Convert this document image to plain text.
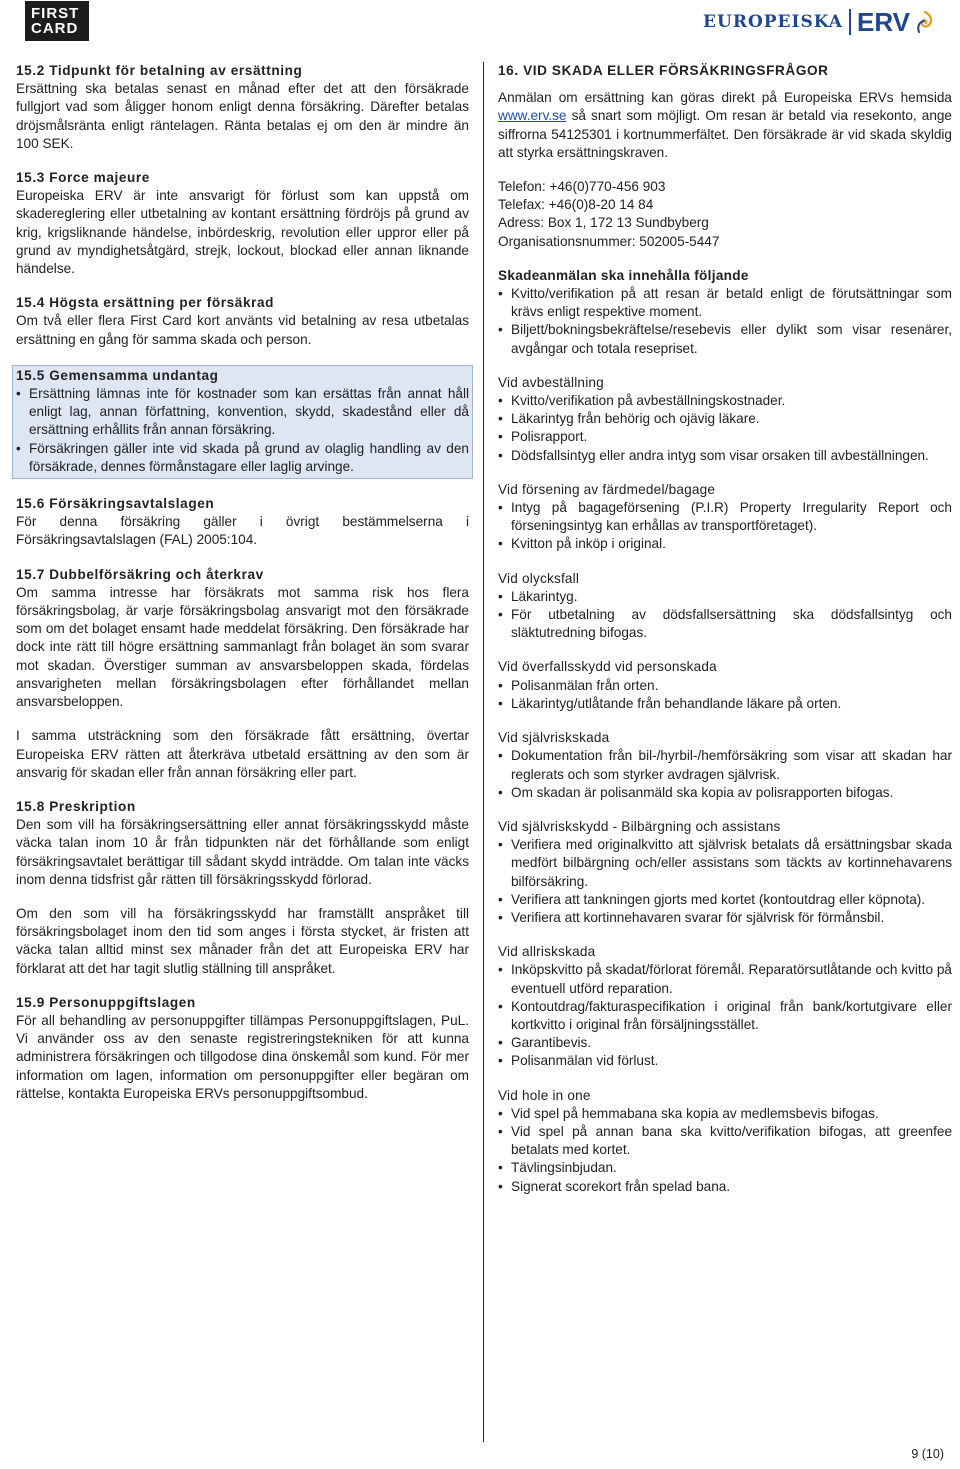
FIRST
CARD	EUROPEISKA ERV
15.2 Tidpunkt för betalning av ersättning

Ersättning ska betalas senast en månad efter det att den försäkrade fullgjort vad som åligger honom enligt denna försäkring. Därefter betalas dröjsmålsränta enligt räntelagen. Ränta betalas ej om den är mindre än 100 SEK.

15.3 Force majeure

Europeiska ERV är inte ansvarigt för förlust som kan uppstå om skadereglering eller utbetalning av kontant ersättning fördröjs på grund av krig, krigsliknande händelse, inbördeskrig, revolution eller uppror eller på grund av myndighetsåtgärd, strejk, lockout, blockad eller annan liknande händelse.

15.4 Högsta ersättning per försäkrad

Om två eller flera First Card kort använts vid betalning av resa utbetalas ersättning en gång för samma skada och person.

15.5 Gemensamma undantag
• Ersättning lämnas inte för kostnader som kan ersättas från annat håll enligt lag, annan författning, konvention, skydd, skadestånd eller då ersättning erhållits från annan försäkring.
• Försäkringen gäller inte vid skada på grund av olaglig handling av den försäkrade, dennes förmånstagare eller laglig arvinge.
15.6 Försäkringsavtalslagen

För denna försäkring gäller i övrigt bestämmelserna i Försäkringsavtalslagen (FAL) 2005:104.

15.7 Dubbelförsäkring och återkrav

Om samma intresse har försäkrats mot samma risk hos flera försäkringsbolag, är varje försäkringsbolag ansvarigt mot den försäkrade som om det bolaget ensamt hade meddelat försäkring. Den försäkrade har dock inte rätt till högre ersättning sammanlagt från bolaget än som svarar mot skadan. Överstiger summan av ansvarsbeloppen skada, fördelas ansvarigheten mellan försäkringsbolagen efter förhållandet mellan ansvarsbeloppen.

I samma utsträckning som den försäkrade fått ersättning, övertar Europeiska ERV rätten att återkräva utbetald ersättning av den som är ansvarig för skadan eller från annan försäkring eller part.

15.8 Preskription

Den som vill ha försäkringsersättning eller annat försäkringsskydd måste väcka talan inom 10 år från tidpunkten när det förhållande som enligt försäkringsavtalet berättigar till sådant skydd inträdde. Om talan inte väcks inom denna tidsfrist går rätten till försäkringsskydd förlorad.

Om den som vill ha försäkringsskydd har framställt anspråket till försäkringsbolaget inom den tid som anges i första stycket, är fristen att väcka talan alltid minst sex månader från det att Europeiska ERV har förklarat att det har tagit slutlig ställning till anspråket.

15.9 Personuppgiftslagen

För all behandling av personuppgifter tillämpas Personuppgiftslagen, PuL. Vi använder oss av den senaste registreringstekniken för att kunna administrera försäkringen och tillgodose dina önskemål som kund. För mer information om lagen, information om personuppgifter eller begäran om rättelse, kontakta Europeiska ERVs personuppgiftsombud.

16. VID SKADA ELLER FÖRSÄKRINGSFRÅGOR

Anmälan om ersättning kan göras direkt på Europeiska ERVs hemsida www.erv.se så snart som möjligt. Om resan är betald via resekonto, ange siffrorna 54125301 i kortnummerfältet. Den försäkrade är vid skada skyldig att styrka ersättningskraven.

Telefon: +46(0)770-456 903

Telefax: +46(0)8-20 14 84

Adress: Box 1, 172 13 Sundbyberg

Organisationsnummer: 502005-5447

Skadeanmälan ska innehålla följande
• Kvitto/verifikation på att resan är betald enligt de förutsättningar som krävs enligt respektive moment.
• Biljett/bokningsbekräftelse/resebevis eller dylikt som visar resenärer, avgångar och totala resepriset.

Vid avbeställning

• Kvitto/verifikation på avbeställningskostnader.
• Läkarintyg från behörig och ojävig läkare.
• Polisrapport.
• Dödsfallsintyg eller andra intyg som visar orsaken till avbeställningen.

Vid försening av färdmedel/bagage

• Intyg på bagageförsening (P.I.R) Property Irregularity Report och förseningsintyg kan erhållas av transportföretaget).
• Kvitton på inköp i original.

Vid olycksfall

• Läkarintyg.
• För utbetalning av dödsfallsersättning ska dödsfallsintyg och släktutredning bifogas.

Vid överfallsskydd vid personskada

• Polisanmälan från orten.
• Läkarintyg/utlåtande från behandlande läkare på orten.

Vid självriskskada

• Dokumentation från bil-/hyrbil-/hemförsäkring som visar att skadan har reglerats och som styrker avdragen självrisk.
• Om skadan är polisanmäld ska kopia av polisrapporten bifogas.

Vid självriskskydd - Bilbärgning och assistans

• Verifiera med originalkvitto att självrisk betalats då ersättningsbar skada medfört bilbärgning och/eller assistans som täckts av kortinnehavarens bilförsäkring.
• Verifiera att tankningen gjorts med kortet (kontoutdrag eller köpnota).
• Verifiera att kortinnehavaren svarar för självrisk för förmånsbil.

Vid allriskskada

• Inköpskvitto på skadat/förlorat föremål. Reparatörsutlåtande och kvitto på eventuell utförd reparation.
• Kontoutdrag/fakturaspecifikation i original från bank/kortutgivare eller kortkvitto i original från försäljningsstället.
• Garantibevis.
• Polisanmälan vid förlust.

Vid hole in one

• Vid spel på hemmabana ska kopia av medlemsbevis bifogas.
• Vid spel på annan bana ska kvitto/verifikation bifogas, att greenfee betalats med kortet.
• Tävlingsinbjudan.
• Signerat scorekort från spelad bana.
9 (10)
